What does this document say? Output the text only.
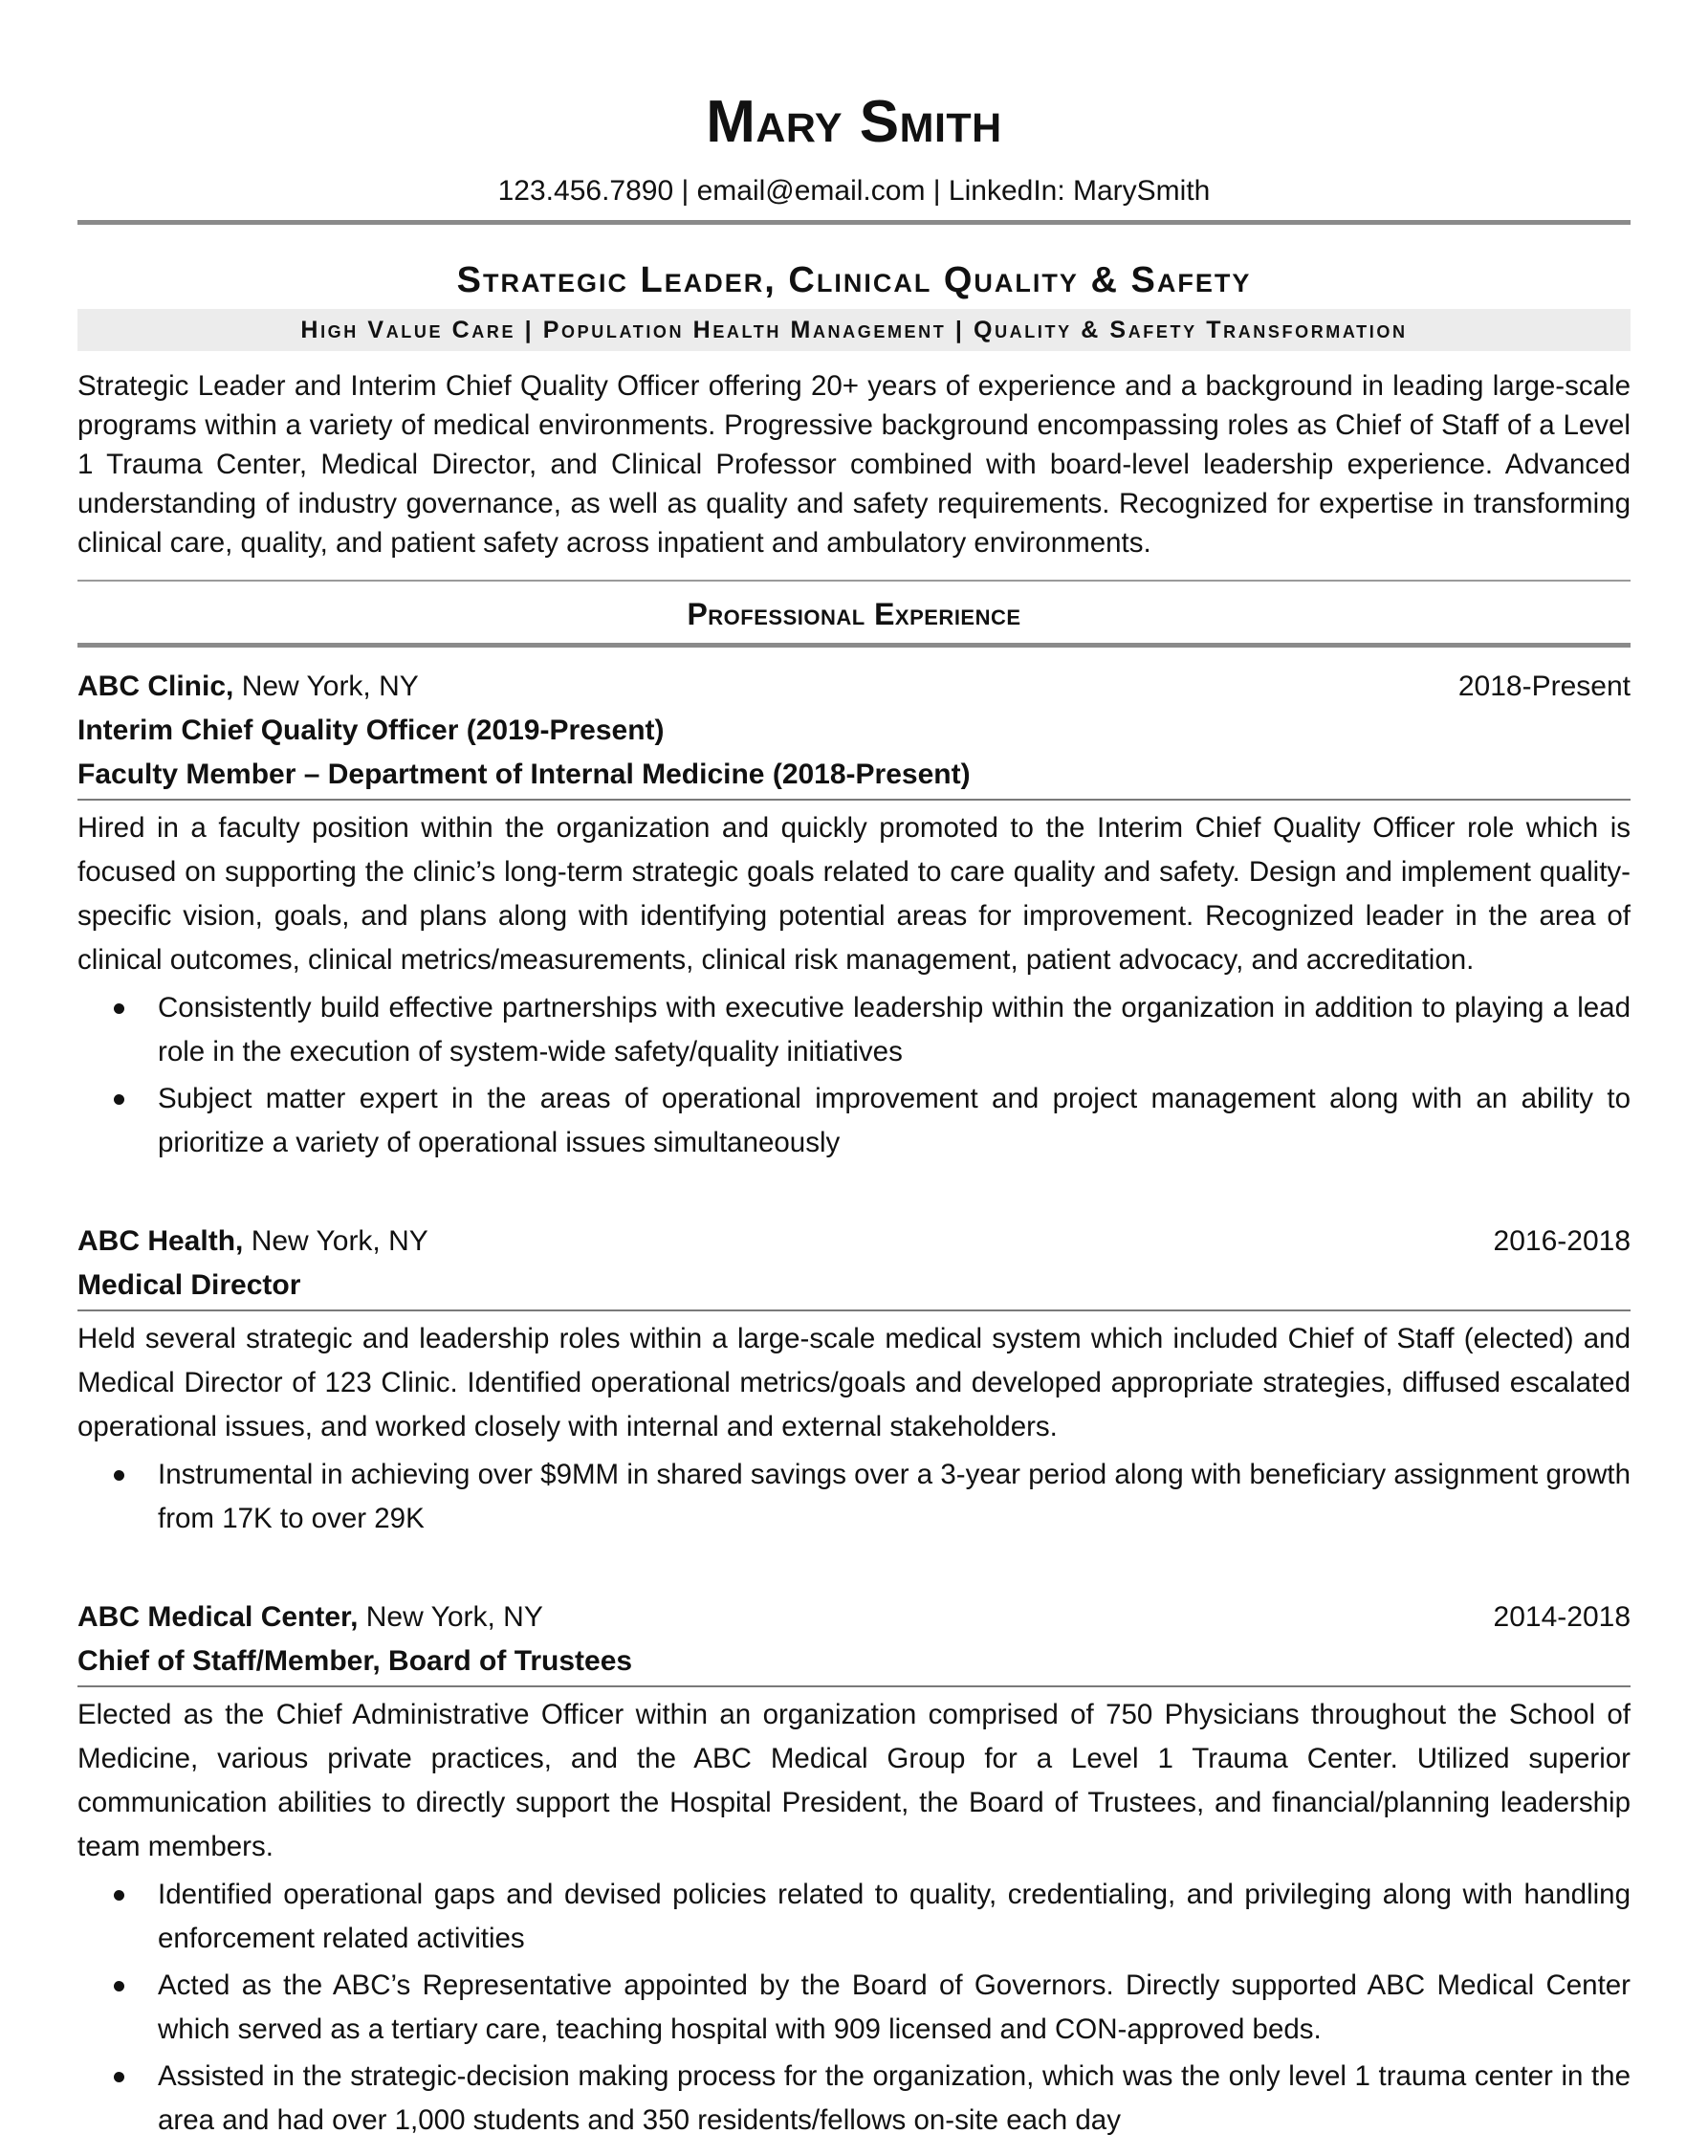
Mary Smith
123.456.7890 | email@email.com | LinkedIn: MarySmith
Strategic Leader, Clinical Quality & Safety
High Value Care | Population Health Management | Quality & Safety Transformation
Strategic Leader and Interim Chief Quality Officer offering 20+ years of experience and a background in leading large-scale programs within a variety of medical environments. Progressive background encompassing roles as Chief of Staff of a Level 1 Trauma Center, Medical Director, and Clinical Professor combined with board-level leadership experience. Advanced understanding of industry governance, as well as quality and safety requirements. Recognized for expertise in transforming clinical care, quality, and patient safety across inpatient and ambulatory environments.
Professional Experience
ABC Clinic, New York, NY	2018-Present
Interim Chief Quality Officer (2019-Present)
Faculty Member – Department of Internal Medicine (2018-Present)
Hired in a faculty position within the organization and quickly promoted to the Interim Chief Quality Officer role which is focused on supporting the clinic’s long-term strategic goals related to care quality and safety. Design and implement quality-specific vision, goals, and plans along with identifying potential areas for improvement. Recognized leader in the area of clinical outcomes, clinical metrics/measurements, clinical risk management, patient advocacy, and accreditation.
Consistently build effective partnerships with executive leadership within the organization in addition to playing a lead role in the execution of system-wide safety/quality initiatives
Subject matter expert in the areas of operational improvement and project management along with an ability to prioritize a variety of operational issues simultaneously
ABC Health, New York, NY	2016-2018
Medical Director
Held several strategic and leadership roles within a large-scale medical system which included Chief of Staff (elected) and Medical Director of 123 Clinic. Identified operational metrics/goals and developed appropriate strategies, diffused escalated operational issues, and worked closely with internal and external stakeholders.
Instrumental in achieving over $9MM in shared savings over a 3-year period along with beneficiary assignment growth from 17K to over 29K
ABC Medical Center, New York, NY	2014-2018
Chief of Staff/Member, Board of Trustees
Elected as the Chief Administrative Officer within an organization comprised of 750 Physicians throughout the School of Medicine, various private practices, and the ABC Medical Group for a Level 1 Trauma Center. Utilized superior communication abilities to directly support the Hospital President, the Board of Trustees, and financial/planning leadership team members.
Identified operational gaps and devised policies related to quality, credentialing, and privileging along with handling enforcement related activities
Acted as the ABC’s Representative appointed by the Board of Governors. Directly supported ABC Medical Center which served as a tertiary care, teaching hospital with 909 licensed and CON-approved beds.
Assisted in the strategic-decision making process for the organization, which was the only level 1 trauma center in the area and had over 1,000 students and 350 residents/fellows on-site each day
